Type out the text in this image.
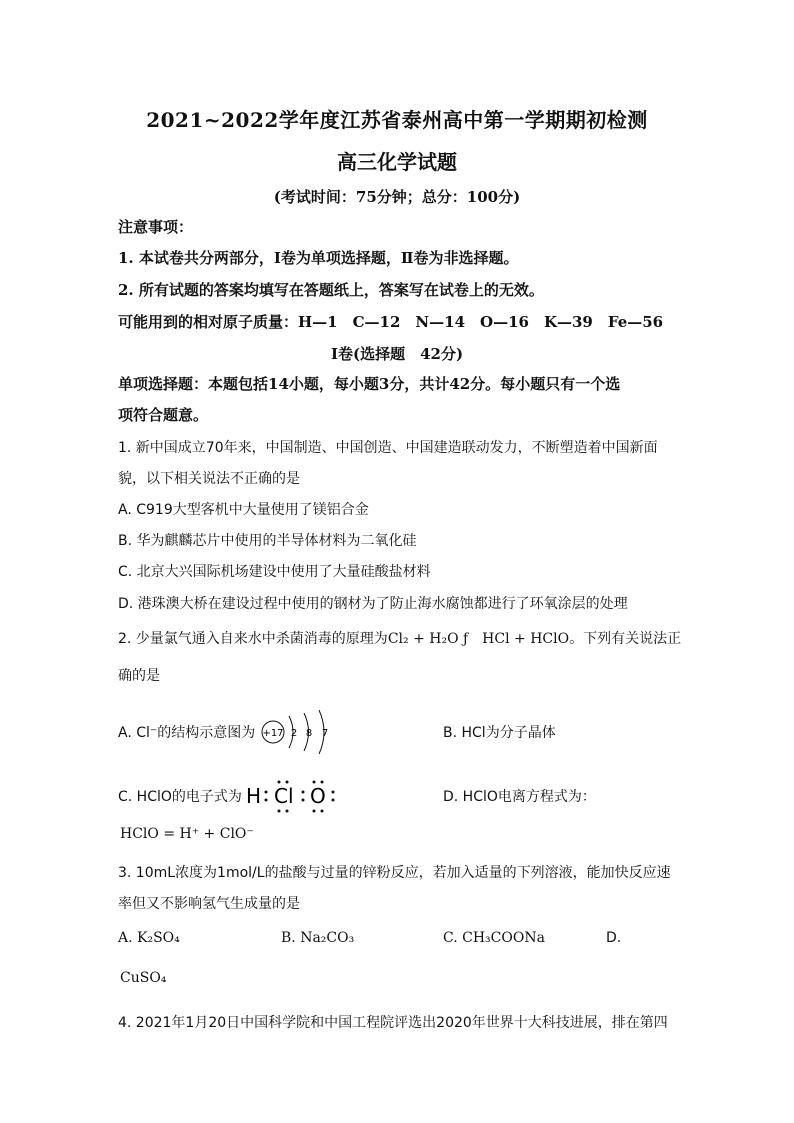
2021~2022学年度江苏省泰州高中第一学期期初检测
高三化学试题
(考试时间：75分钟；总分：100分)
注意事项：
1. 本试卷共分两部分，Ⅰ卷为单项选择题，Ⅱ卷为非选择题。
2. 所有试题的答案均填写在答题纸上，答案写在试卷上的无效。
可能用到的相对原子质量：H—1　C—12　N—14　O—16　K—39　Fe—56
Ⅰ卷(选择题　42分)
单项选择题：本题包括14小题，每小题3分，共计42分。每小题只有一个选
项符合题意。
1. 新中国成立70年来，中国制造、中国创造、中国建造联动发力，不断塑造着中国新面
貌，以下相关说法不正确的是
A. C919大型客机中大量使用了镁铝合金
B. 华为麒麟芯片中使用的半导体材料为二氧化硅
C. 北京大兴国际机场建设中使用了大量硅酸盐材料
D. 港珠澳大桥在建设过程中使用的钢材为了防止海水腐蚀都进行了环氧涂层的处理
2. 少量氯气通入自来水中杀菌消毒的原理为Cl₂ + H₂O ƒ　HCl + HClO。下列有关说法正
确的是
A. Cl⁻的结构示意图为 +17 2 8 7	B. HCl为分子晶体
C. HClO的电子式为 H Cl O	D. HClO电离方程式为：
HClO = H⁺ + ClO⁻
3. 10mL浓度为1mol/L的盐酸与过量的锌粉反应，若加入适量的下列溶液，能加快反应速
率但又不影响氢气生成量的是
A. K₂SO₄	B. Na₂CO₃	C. CH₃COONa	D.
CuSO₄
4. 2021年1月20日中国科学院和中国工程院评选出2020年世界十大科技进展，排在第四
